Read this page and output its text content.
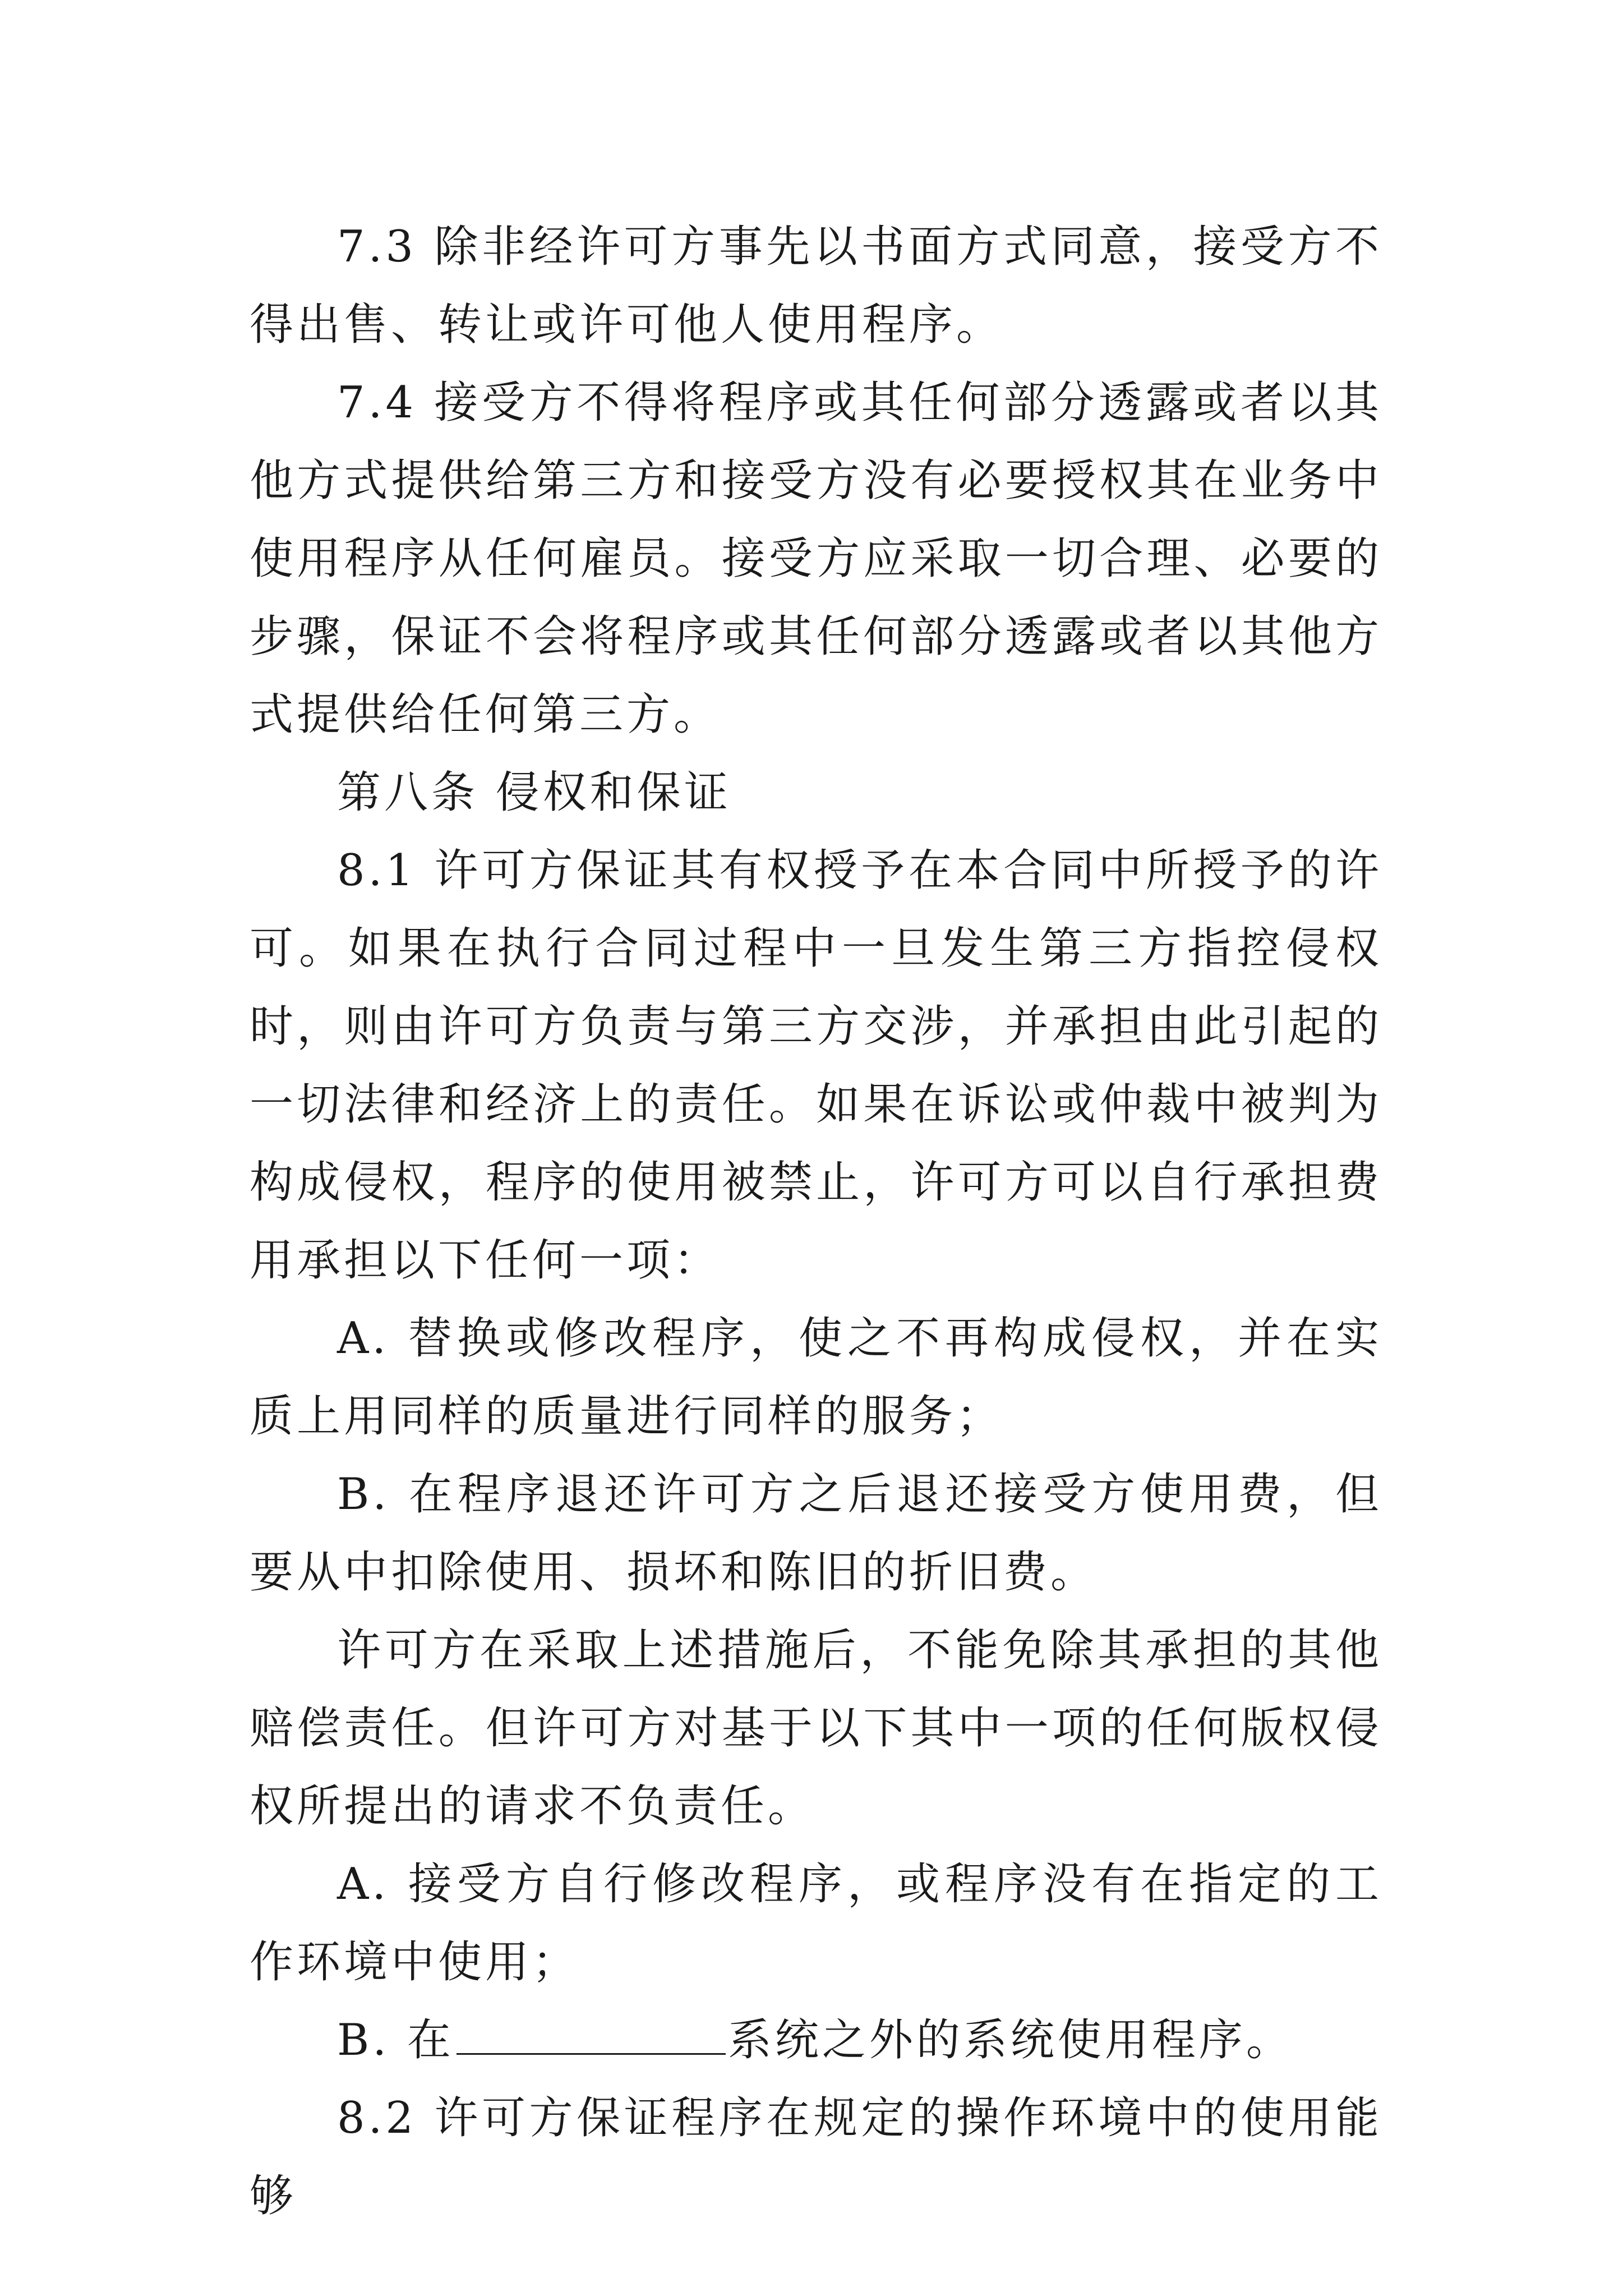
7.3 除非经许可方事先以书面方式同意，接受方不得出售、转让或许可他人使用程序。

7.4 接受方不得将程序或其任何部分透露或者以其他方式提供给第三方和接受方没有必要授权其在业务中使用程序从任何雇员。接受方应采取一切合理、必要的步骤，保证不会将程序或其任何部分透露或者以其他方式提供给任何第三方。

第八条 侵权和保证

8.1 许可方保证其有权授予在本合同中所授予的许可。如果在执行合同过程中一旦发生第三方指控侵权时，则由许可方负责与第三方交涉，并承担由此引起的一切法律和经济上的责任。如果在诉讼或仲裁中被判为构成侵权，程序的使用被禁止，许可方可以自行承担费用承担以下任何一项：

A. 替换或修改程序，使之不再构成侵权，并在实质上用同样的质量进行同样的服务；

B. 在程序退还许可方之后退还接受方使用费，但要从中扣除使用、损坏和陈旧的折旧费。

许可方在采取上述措施后，不能免除其承担的其他赔偿责任。但许可方对基于以下其中一项的任何版权侵权所提出的请求不负责任。

A. 接受方自行修改程序，或程序没有在指定的工作环境中使用；

B. 在	系统之外的系统使用程序。

8.2 许可方保证程序在规定的操作环境中的使用能够
